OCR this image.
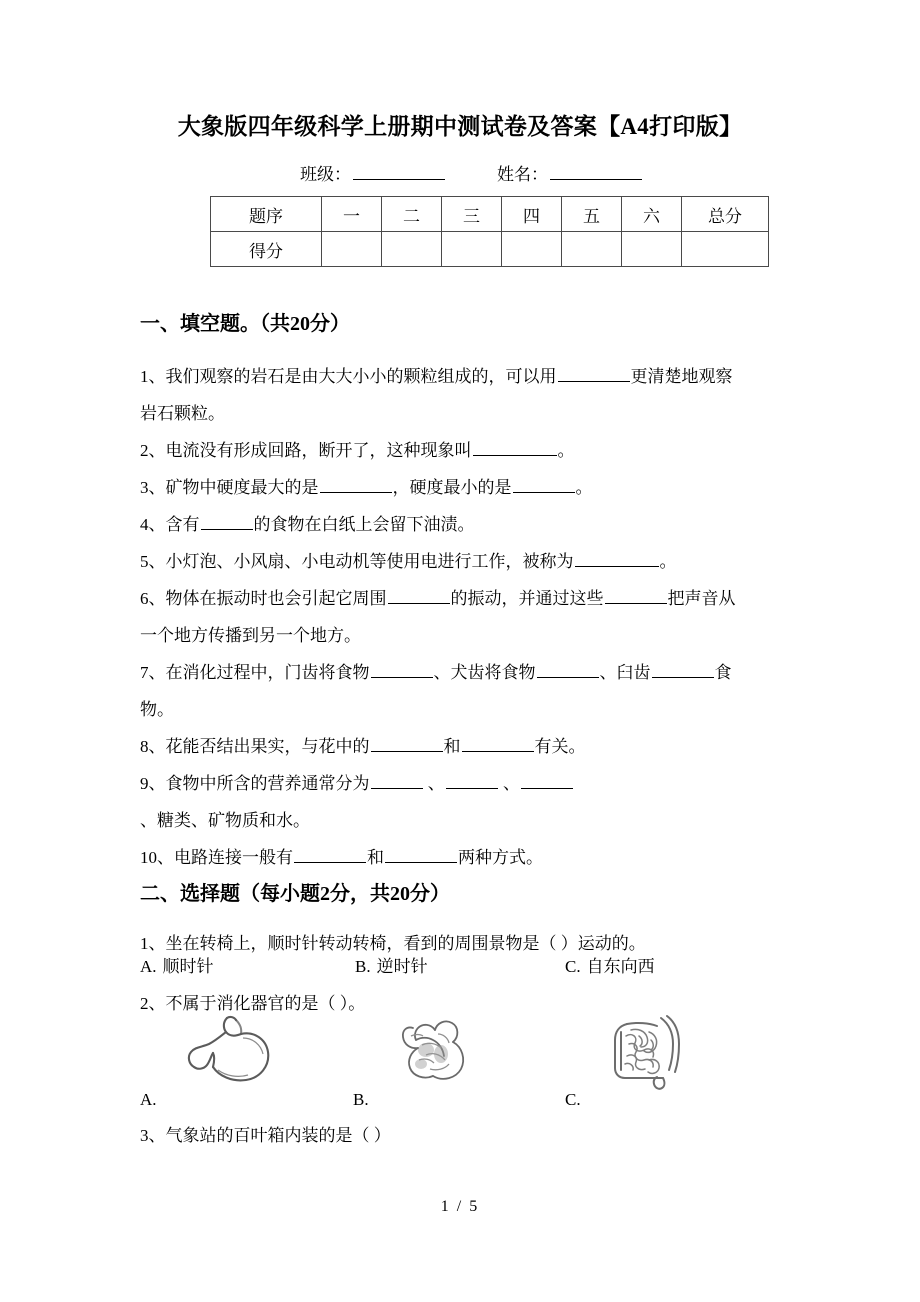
大象版四年级科学上册期中测试卷及答案【A4打印版】
班级：	姓名：
题序	一	二	三	四	五	六	总分
得分							
一、填空题。（共20分）
1、我们观察的岩石是由大大小小的颗粒组成的，可以用	更清楚地观察
岩石颗粒。
2、电流没有形成回路，断开了，这种现象叫	。
3、矿物中硬度最大的是	，硬度最小的是	。
4、含有	的食物在白纸上会留下油渍。
5、小灯泡、小风扇、小电动机等使用电进行工作，被称为	。
6、物体在振动时也会引起它周围	的振动，并通过这些	把声音从
一个地方传播到另一个地方。
7、在消化过程中，门齿将食物	、犬齿将食物	、臼齿	食
物。
8、花能否结出果实，与花中的	和	有关。
9、食物中所含的营养通常分为	、	、
、糖类、矿物质和水。
10、电路连接一般有	和	两种方式。
二、选择题（每小题2分，共20分）
1、坐在转椅上，顺时针转动转椅，看到的周围景物是（ ）运动的。
A. 顺时针	B. 逆时针	C. 自东向西
2、不属于消化器官的是（ ）。
A.	B.	C.
3、气象站的百叶箱内装的是（ ）
1 / 5
